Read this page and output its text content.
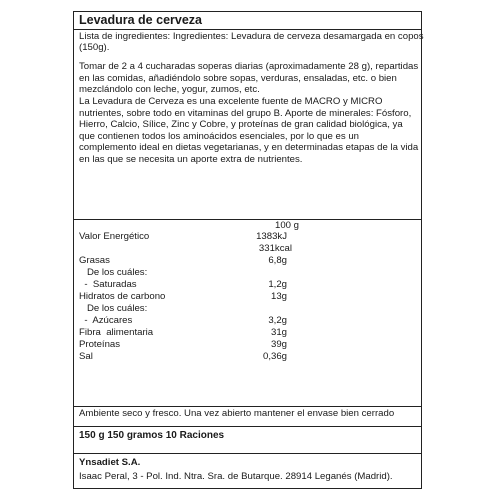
Levadura de cerveza
Lista de ingredientes: Ingredientes: Levadura de cerveza desamargada en copos
(150g).
Tomar de 2 a 4 cucharadas soperas diarias (aproximadamente 28 g), repartidas en las comidas, añadiéndolo sobre sopas, verduras, ensaladas, etc. o bien mezclándolo con leche, yogur, zumos, etc.
La Levadura de Cerveza es una excelente fuente de MACRO y MICRO nutrientes, sobre todo en vitaminas del grupo B. Aporte de minerales: Fósforo, Hierro, Calcio, Sílice, Zinc y Cobre, y proteínas de gran calidad biológica, ya que contienen todos los aminoácidos esenciales, por lo que es un complemento ideal en dietas vegetarianas, y en determinadas etapas de la vida en las que se necesita un aporte extra de nutrientes.
100 g
Valor Energético	1383kJ
331kcal
Grasas	6,8g
De los cuáles:
-  Saturadas	1,2g
Hidratos de carbono	13g
De los cuáles:
-  Azúcares	3,2g
Fibra  alimentaria	31g
Proteínas	39g
Sal	0,36g
Ambiente seco y fresco. Una vez abierto mantener el envase bien cerrado
150 g 150 gramos 10 Raciones
Ynsadiet S.A.
Isaac Peral, 3 - Pol. Ind. Ntra. Sra. de Butarque. 28914 Leganés (Madrid).
